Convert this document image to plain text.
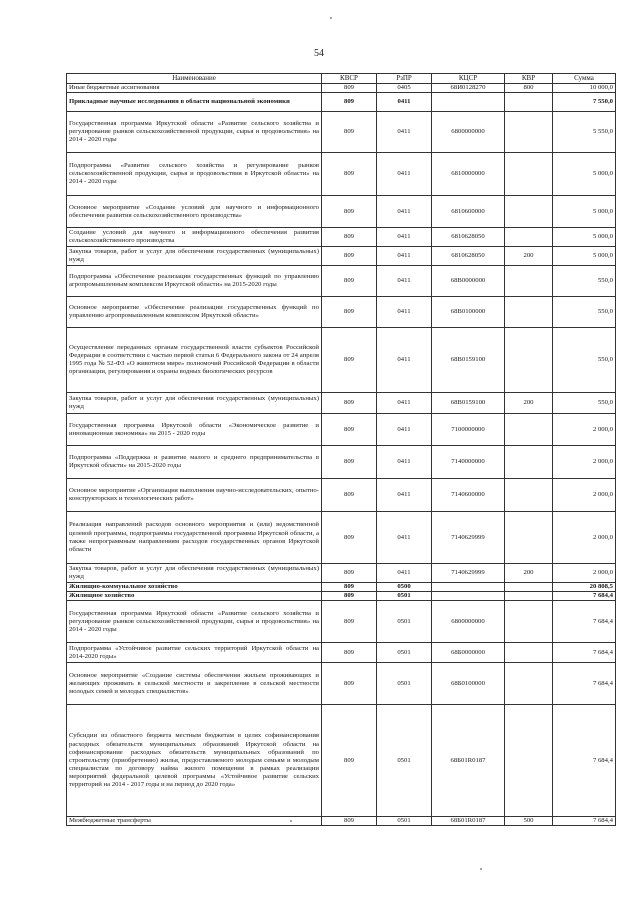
54
Наименование	КВСР	РзПР	КЦСР	КВР	Сумма
Иные бюджетные ассигнования	809	0405	68И0128270	800	10 000,0
Прикладные научные исследования в области национальной экономики	809	0411			7 550,0
Государственная программа Иркутской области «Развитие сельского хозяйства и регулирование рынков сельскохозяйственной продукции, сырья и продовольствия» на 2014 - 2020 годы	809	0411	6800000000		5 550,0
Подпрограмма «Развитие сельского хозяйства и регулирование рынков сельскохозяйственной продукции, сырья и продовольствия в Иркутской области» на 2014 - 2020 годы	809	0411	6810000000		5 000,0
Основное мероприятие «Создание условий для научного и информационного обеспечения развития сельскохозяйственного производства»	809	0411	6810600000		5 000,0
Создание условий для научного и информационного обеспечения развития сельскохозяйственного производства	809	0411	6810628050		5 000,0
Закупка товаров, работ и услуг для обеспечения государственных (муниципальных) нужд	809	0411	6810628050	200	5 000,0
Подпрограмма «Обеспечение реализации государственных функций по управлению агропромышленным комплексом Иркутской области» на 2015-2020 годы	809	0411	68В0000000		550,0
Основное мероприятие «Обеспечение реализации государственных функций по управлению агропромышленным комплексом Иркутской области»	809	0411	68В0100000		550,0
Осуществление переданных органам государственной власти субъектов Российской Федерации в соответствии с частью первой статьи 6 Федерального закона от 24 апреля 1995 года № 52-ФЗ «О животном мире» полномочий Российской Федерации в области организации, регулирования и охраны водных биологических ресурсов	809	0411	68В0159100		550,0
Закупка товаров, работ и услуг для обеспечения государственных (муниципальных) нужд	809	0411	68В0159100	200	550,0
Государственная программа Иркутской области «Экономическое развитие и инновационная экономика» на 2015 - 2020 годы	809	0411	7100000000		2 000,0
Подпрограмма «Поддержка и развитие малого и среднего предпринимательства в Иркутской области» на 2015-2020 годы	809	0411	7140000000		2 000,0
Основное мероприятие «Организация выполнения научно-исследовательских, опытно-конструкторских и технологических работ»	809	0411	7140600000		2 000,0
Реализация направлений расходов основного мероприятия и (или) ведомственной целевой программы, подпрограммы государственной программы Иркутской области, а также непрограммным направлениям расходов государственных органов Иркутской области	809	0411	7140629999		2 000,0
Закупка товаров, работ и услуг для обеспечения государственных (муниципальных) нужд	809	0411	7140629999	200	2 000,0
Жилищно-коммунальное хозяйство	809	0500			20 808,5
Жилищное хозяйство	809	0501			7 684,4
Государственная программа Иркутской области «Развитие сельского хозяйства и регулирование рынков сельскохозяйственной продукции, сырья и продовольствия» на 2014 - 2020 годы	809	0501	6800000000		7 684,4
Подпрограмма «Устойчивое развитие сельских территорий Иркутской области на 2014-2020 годы»	809	0501	68Б0000000		7 684,4
Основное мероприятие «Создание системы обеспечения жильем проживающих и желающих проживать в сельской местности и закрепление в сельской местности молодых семей и молодых специалистов»	809	0501	68Б0100000		7 684,4
Субсидии из областного бюджета местным бюджетам в целях софинансирования расходных обязательств муниципальных образований Иркутской области на софинансирование расходных обязательств муниципальных образований по строительству (приобретению) жилья, предоставляемого молодым семьям и молодым специалистам по договору найма жилого помещения в рамках реализации мероприятий федеральной целевой программы «Устойчивое развитие сельских территорий на 2014 - 2017 годы и на период до 2020 года»	809	0501	68Б01R0187		7 684,4
Межбюджетные трансферты	809	0501	68Б01R0187	500	7 684,4
